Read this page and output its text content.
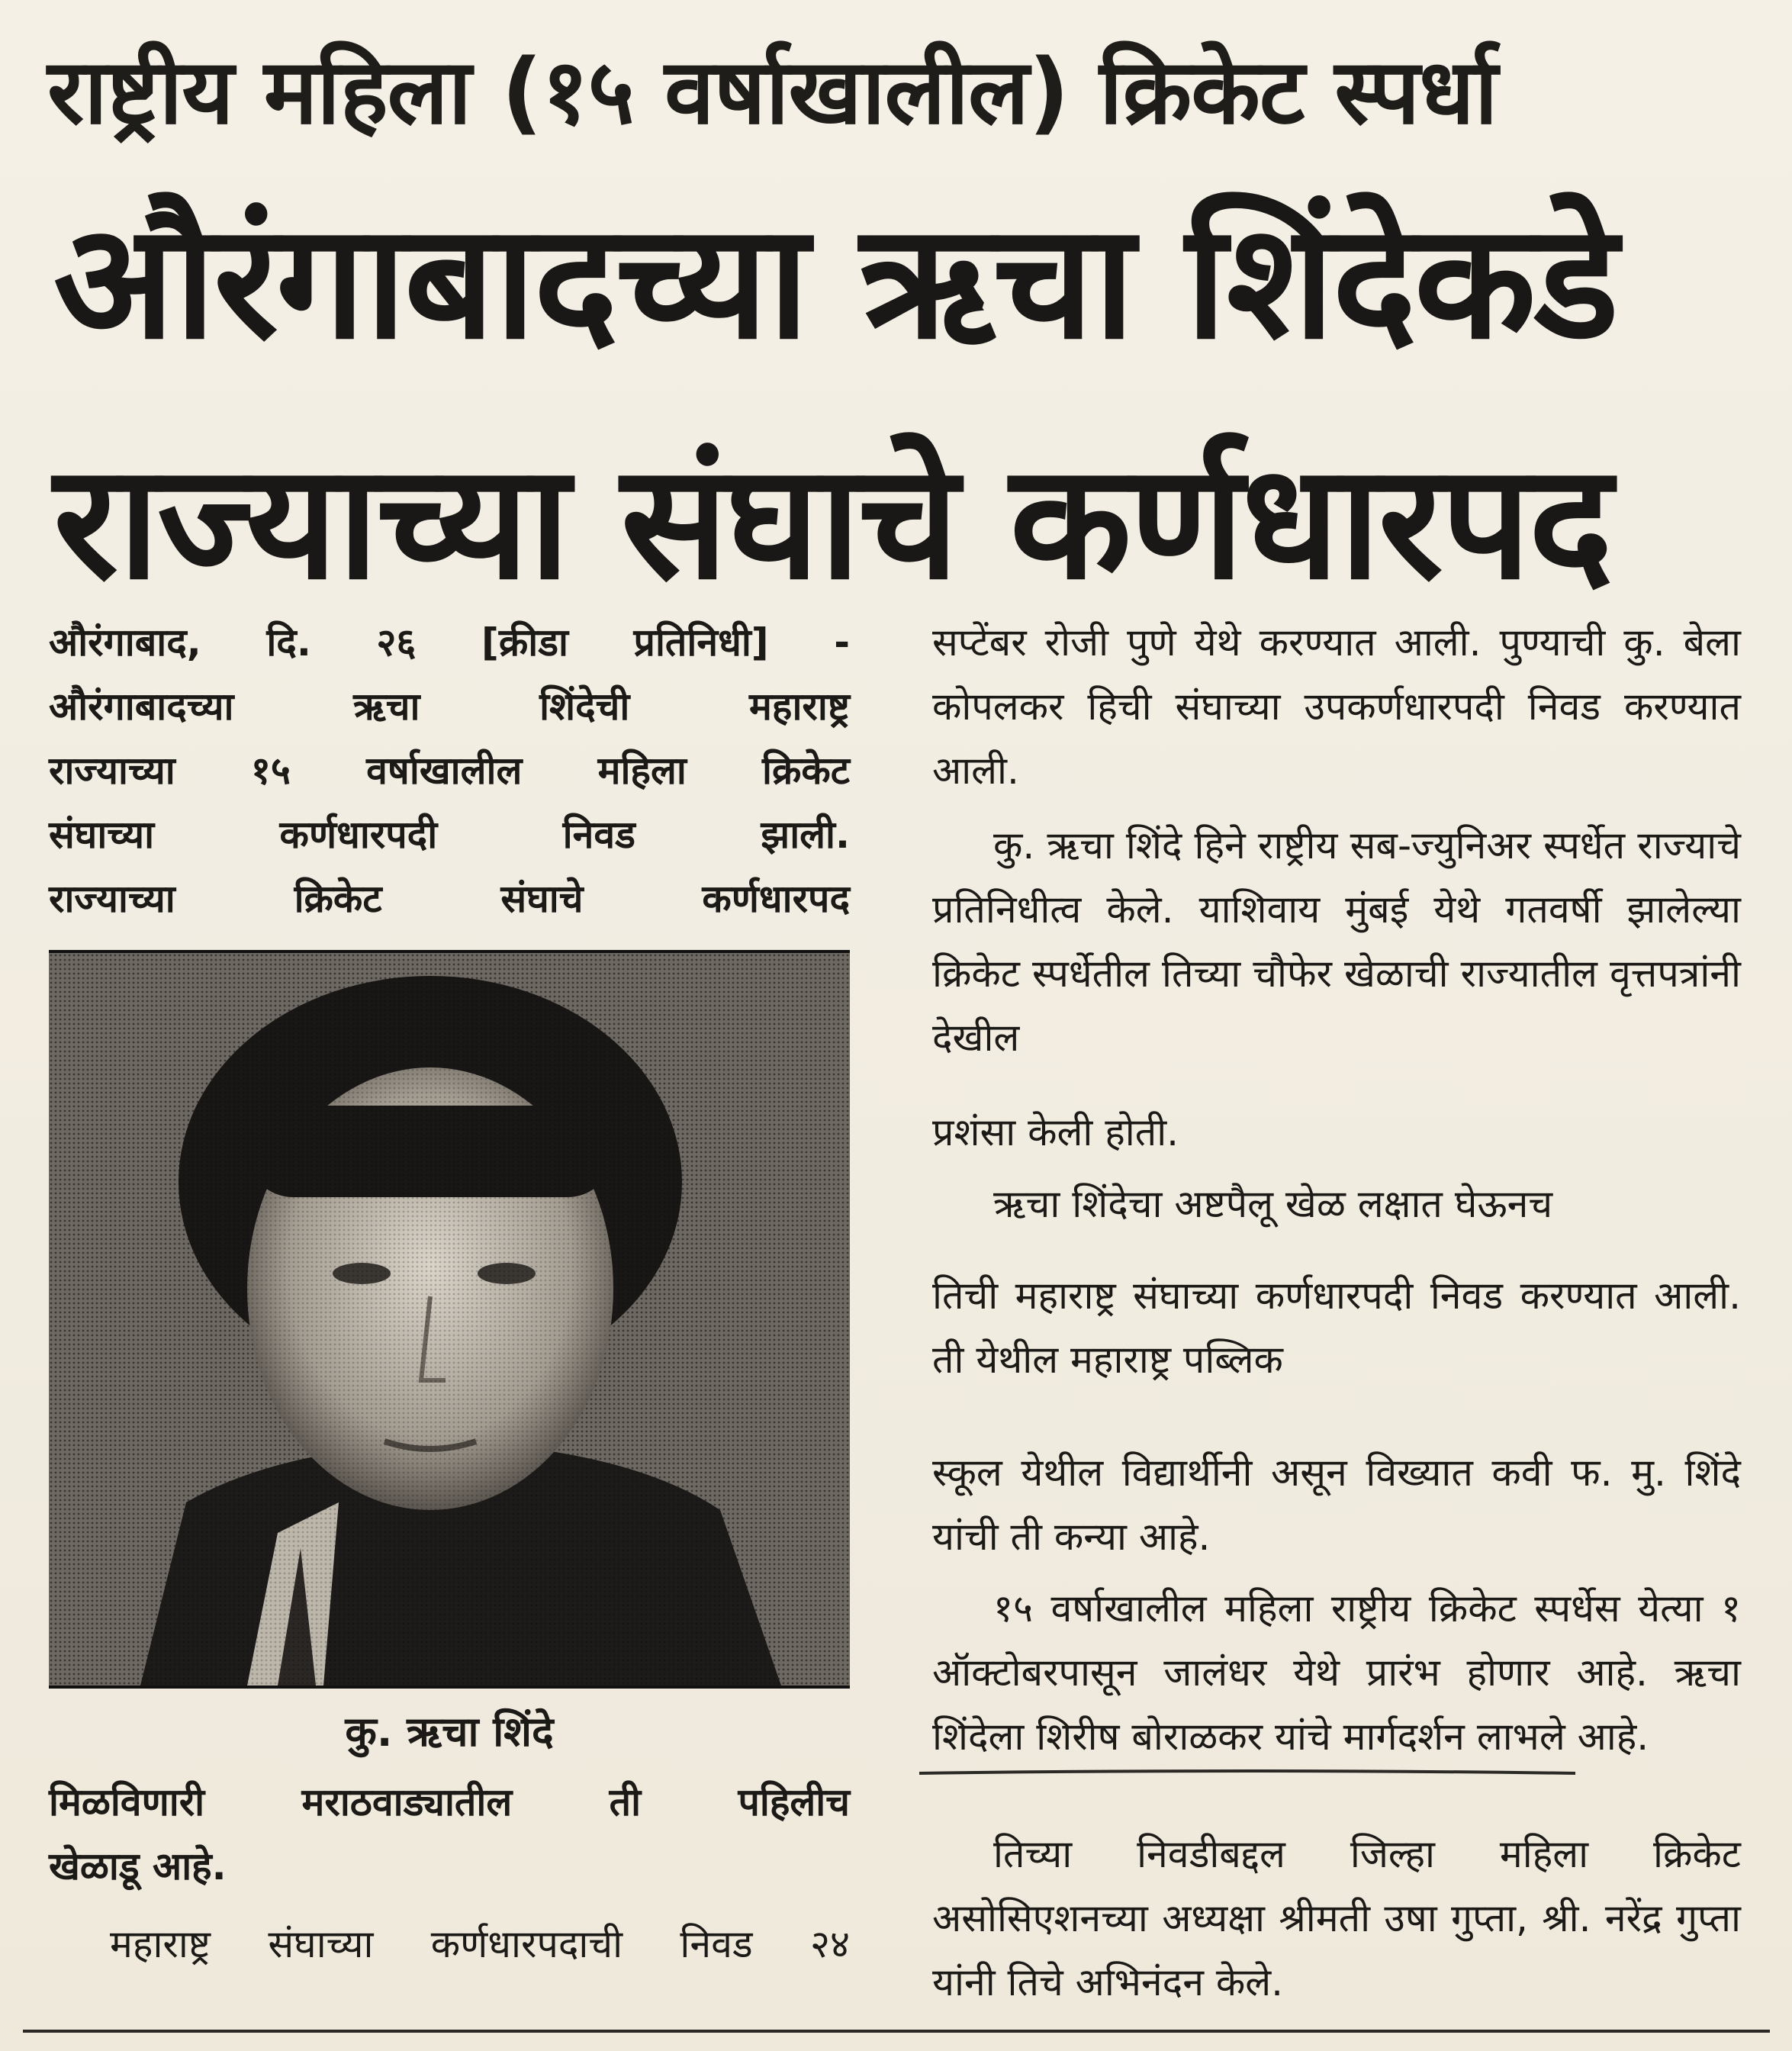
राष्ट्रीय महिला (१५ वर्षाखालील) क्रिकेट स्पर्धा
औरंगाबादच्या ऋचा शिंदेकडे
राज्याच्या संघाचे कर्णधारपद

औरंगाबाद, दि. २६ [क्रीडा प्रतिनिधी] -

औरंगाबादच्या ऋचा शिंदेची महाराष्ट्र

राज्याच्या १५ वर्षाखालील महिला क्रिकेट

संघाच्या कर्णधारपदी निवड झाली.

राज्याच्या क्रिकेट संघाचे कर्णधारपद

कु. ऋचा शिंदे

मिळविणारी मराठवाड्यातील ती पहिलीच

खेळाडू आहे.

महाराष्ट्र संघाच्या कर्णधारपदाची निवड २४

सप्टेंबर रोजी पुणे येथे करण्यात आली. पुण्याची कु. बेला कोपलकर हिची संघाच्या उपकर्णधारपदी निवड करण्यात आली.

कु. ऋचा शिंदे हिने राष्ट्रीय सब-ज्युनिअर स्पर्धेत राज्याचे प्रतिनिधीत्व केले. याशिवाय मुंबई येथे गतवर्षी झालेल्या क्रिकेट स्पर्धेतील तिच्या चौफेर खेळाची राज्यातील वृत्तपत्रांनी देखील

प्रशंसा केली होती.

ऋचा शिंदेचा अष्टपैलू खेळ लक्षात घेऊनच

तिची महाराष्ट्र संघाच्या कर्णधारपदी निवड करण्यात आली. ती येथील महाराष्ट्र पब्लिक

स्कूल येथील विद्यार्थीनी असून विख्यात कवी फ. मु. शिंदे यांची ती कन्या आहे.

१५ वर्षाखालील महिला राष्ट्रीय क्रिकेट स्पर्धेस येत्या १ ऑक्टोबरपासून जालंधर येथे प्रारंभ होणार आहे. ऋचा शिंदेला शिरीष बोराळकर यांचे मार्गदर्शन लाभले आहे.

तिच्या निवडीबद्दल जिल्हा महिला क्रिकेट असोसिएशनच्या अध्यक्षा श्रीमती उषा गुप्ता, श्री. नरेंद्र गुप्ता यांनी तिचे अभिनंदन केले.
